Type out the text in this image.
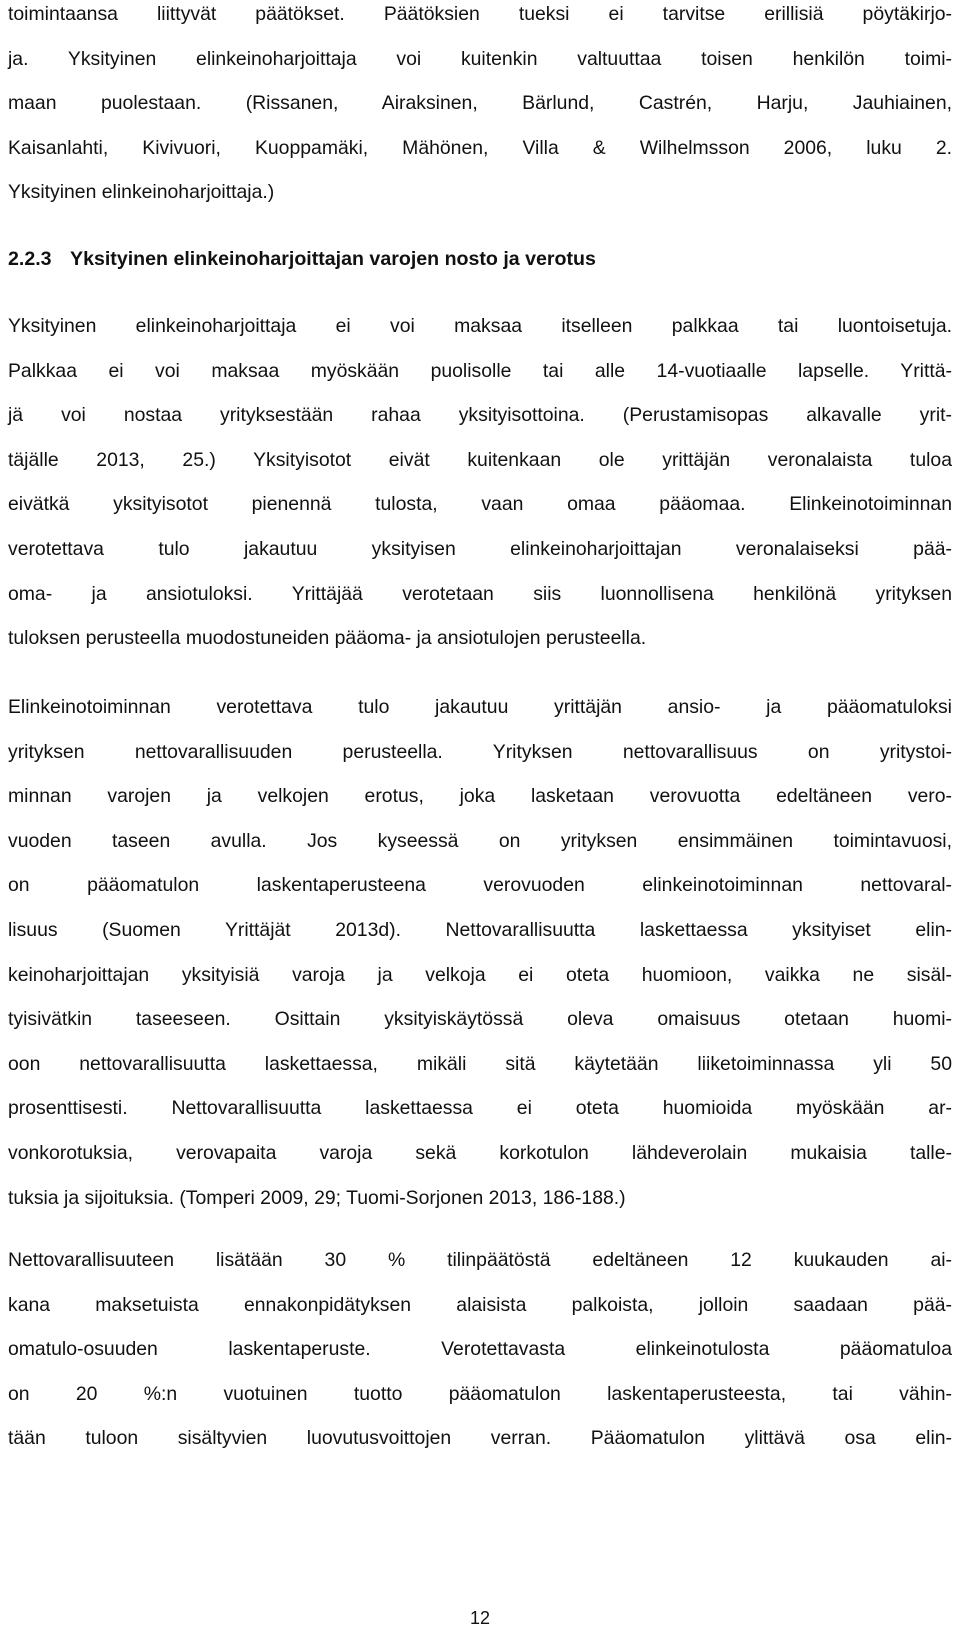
toimintaansa liittyvät päätökset. Päätöksien tueksi ei tarvitse erillisiä pöytäkirjo-
ja. Yksityinen elinkeinoharjoittaja voi kuitenkin valtuuttaa toisen henkilön toimi-
maan puolestaan. (Rissanen, Airaksinen, Bärlund, Castrén, Harju, Jauhiainen,
Kaisanlahti, Kivivuori, Kuoppamäki, Mähönen, Villa & Wilhelmsson 2006, luku 2.
Yksityinen elinkeinoharjoittaja.)
2.2.3 Yksityinen elinkeinoharjoittajan varojen nosto ja verotus
Yksityinen elinkeinoharjoittaja ei voi maksaa itselleen palkkaa tai luontoisetuja.
Palkkaa ei voi maksaa myöskään puolisolle tai alle 14-vuotiaalle lapselle. Yrittä-
jä voi nostaa yrityksestään rahaa yksityisottoina. (Perustamisopas alkavalle yrit-
täjälle 2013, 25.) Yksityisotot eivät kuitenkaan ole yrittäjän veronalaista tuloa
eivätkä yksityisotot pienennä tulosta, vaan omaa pääomaa. Elinkeinotoiminnan
verotettava tulo jakautuu yksityisen elinkeinoharjoittajan veronalaiseksi pää-
oma- ja ansiotuloksi. Yrittäjää verotetaan siis luonnollisena henkilönä yrityksen
tuloksen perusteella muodostuneiden pääoma- ja ansiotulojen perusteella.
Elinkeinotoiminnan verotettava tulo jakautuu yrittäjän ansio- ja pääomatuloksi
yrityksen nettovarallisuuden perusteella. Yrityksen nettovarallisuus on yritystoi-
minnan varojen ja velkojen erotus, joka lasketaan verovuotta edeltäneen vero-
vuoden taseen avulla. Jos kyseessä on yrityksen ensimmäinen toimintavuosi,
on pääomatulon laskentaperusteena verovuoden elinkeinotoiminnan nettovaral-
lisuus (Suomen Yrittäjät 2013d). Nettovarallisuutta laskettaessa yksityiset elin-
keinoharjoittajan yksityisiä varoja ja velkoja ei oteta huomioon, vaikka ne sisäl-
tyisivätkin taseeseen. Osittain yksityiskäytössä oleva omaisuus otetaan huomi-
oon nettovarallisuutta laskettaessa, mikäli sitä käytetään liiketoiminnassa yli 50
prosenttisesti. Nettovarallisuutta laskettaessa ei oteta huomioida myöskään ar-
vonkorotuksia, verovapaita varoja sekä korkotulon lähdeverolain mukaisia talle-
tuksia ja sijoituksia. (Tomperi 2009, 29; Tuomi-Sorjonen 2013, 186-188.)
Nettovarallisuuteen lisätään 30 % tilinpäätöstä edeltäneen 12 kuukauden ai-
kana maksetuista ennakonpidätyksen alaisista palkoista, jolloin saadaan pää-
omatulo-osuuden laskentaperuste. Verotettavasta elinkeinotulosta pääomatuloa
on 20 %:n vuotuinen tuotto pääomatulon laskentaperusteesta, tai vähin-
tään tuloon sisältyvien luovutusvoittojen verran. Pääomatulon ylittävä osa elin-
12
